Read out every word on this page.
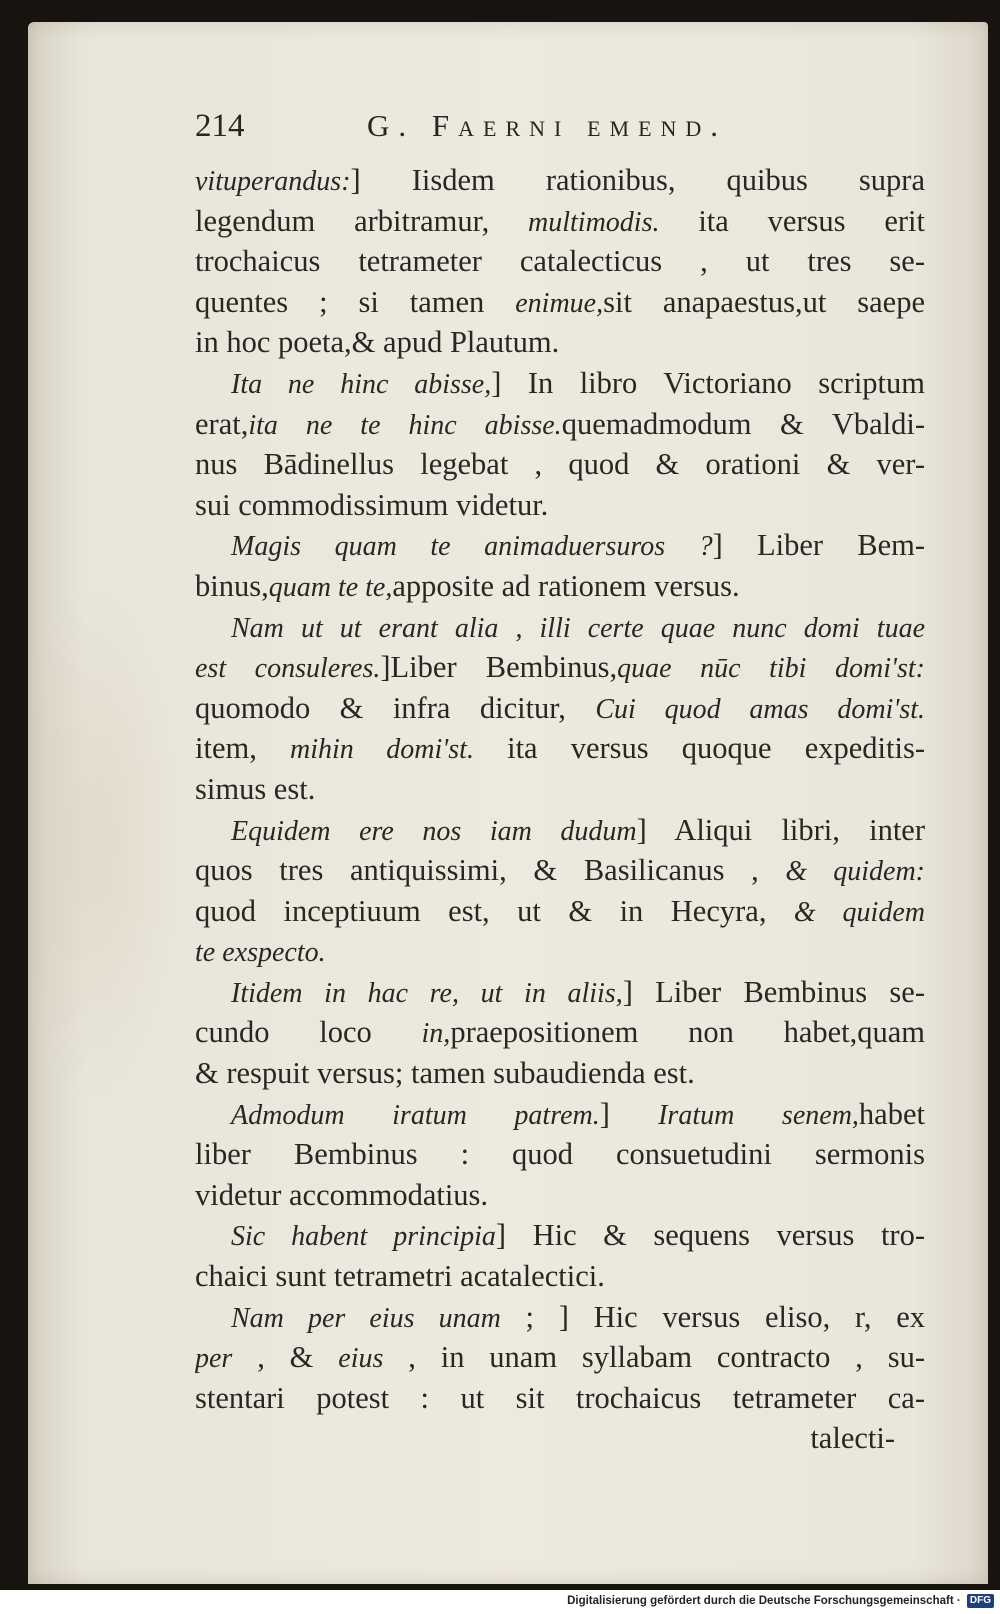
214	G. Faerni emend.
vituperandus:] Iisdem rationibus, quibus supra
legendum arbitramur, multimodis. ita versus erit
trochaicus tetrameter catalecticus , ut tres se-
quentes ; si tamen enimue,sit anapaestus,ut saepe
in hoc poeta,& apud Plautum.
Ita ne hinc abisse,] In libro Victoriano scriptum
erat,ita ne te hinc abisse.quemadmodum & Vbaldi-
nus Bādinellus legebat , quod & orationi & ver-
sui commodissimum videtur.
Magis quam te animaduersuros ?] Liber Bem-
binus,quam te te,apposite ad rationem versus.
Nam ut ut erant alia , illi certe quae nunc domi tuae
est consuleres.]Liber Bembinus,quae nūc tibi domi'st:
quomodo & infra dicitur, Cui quod amas domi'st.
item, mihin domi'st. ita versus quoque expeditis-
simus est.
Equidem ere nos iam dudum] Aliqui libri, inter
quos tres antiquissimi, & Basilicanus , & quidem:
quod inceptiuum est, ut & in Hecyra, & quidem
te exspecto.
Itidem in hac re, ut in aliis,] Liber Bembinus se-
cundo loco in,praepositionem non habet,quam
& respuit versus; tamen subaudienda est.
Admodum iratum patrem.] Iratum senem,habet
liber Bembinus : quod consuetudini sermonis
videtur accommodatius.
Sic habent principia] Hic & sequens versus tro-
chaici sunt tetrametri acatalectici.
Nam per eius unam ; ] Hic versus eliso, r, ex
per , & eius , in unam syllabam contracto , su-
stentari potest : ut sit trochaicus tetrameter ca-
talecti-
Digitalisierung gefördert durch die Deutsche Forschungsgemeinschaft · DFG
